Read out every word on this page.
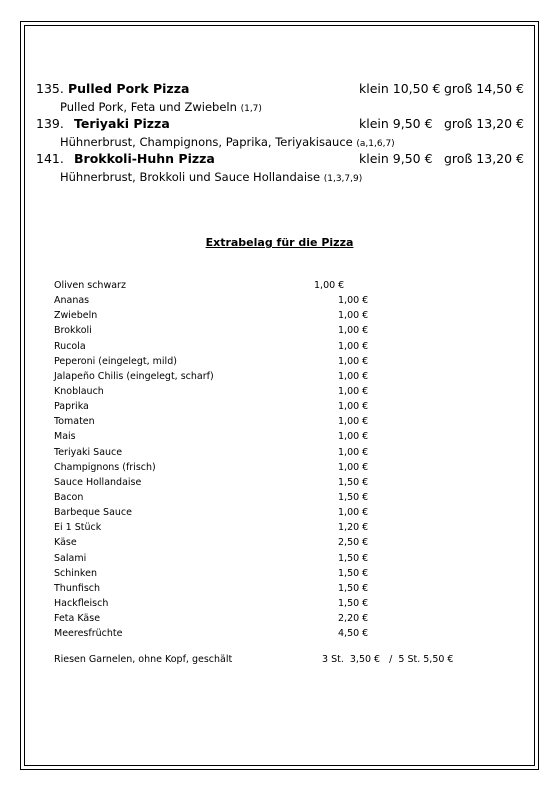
135. Pulled Pork Pizza	klein 10,50 € groß 14,50 €
Pulled Pork, Feta und Zwiebeln (1,7)
139. Teriyaki Pizza	klein 9,50 € groß 13,20 €
Hühnerbrust, Champignons, Paprika, Teriyakisauce (a,1,6,7)
141. Brokkoli-Huhn Pizza	klein 9,50 € groß 13,20 €
Hühnerbrust, Brokkoli und Sauce Hollandaise (1,3,7,9)
Extrabelag für die Pizza
Oliven schwarz	1,00 €
Ananas	1,00 €
Zwiebeln	1,00 €
Brokkoli	1,00 €
Rucola	1,00 €
Peperoni (eingelegt, mild)	1,00 €
Jalapeño Chilis (eingelegt, scharf)	1,00 €
Knoblauch	1,00 €
Paprika	1,00 €
Tomaten	1,00 €
Mais	1,00 €
Teriyaki Sauce	1,00 €
Champignons (frisch)	1,00 €
Sauce Hollandaise	1,50 €
Bacon	1,50 €
Barbeque Sauce	1,00 €
Ei 1 Stück	1,20 €
Käse	2,50 €
Salami	1,50 €
Schinken	1,50 €
Thunfisch	1,50 €
Hackfleisch	1,50 €
Feta Käse	2,20 €
Meeresfrüchte	4,50 €
Riesen Garnelen, ohne Kopf, geschält	3 St.  3,50 €   /  5 St. 5,50 €
